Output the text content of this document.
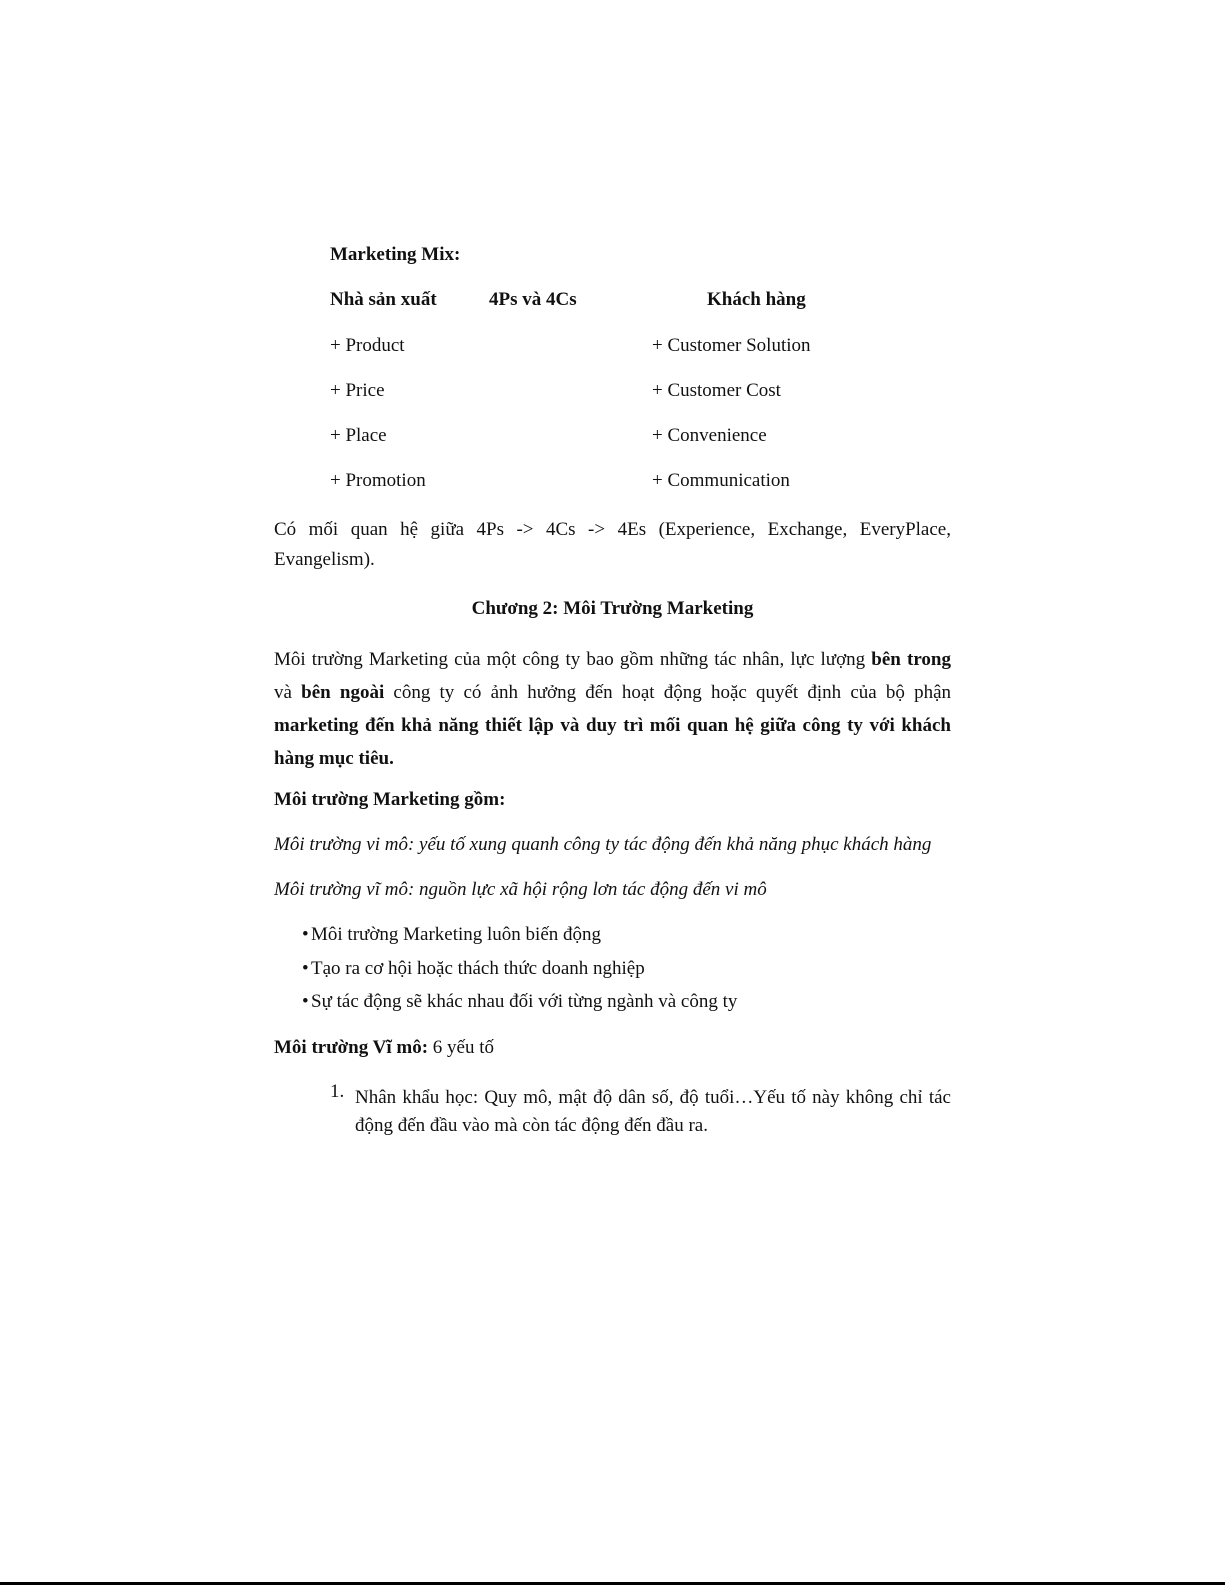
Marketing Mix:
Nhà sản xuất	4Ps và 4Cs	Khách hàng
+ Product	+ Customer Solution
+ Price	+ Customer Cost
+ Place	+ Convenience
+ Promotion	+ Communication
Có mối quan hệ giữa 4Ps -> 4Cs -> 4Es (Experience, Exchange, EveryPlace,
Evangelism).
Chương 2: Môi Trường Marketing
Môi trường Marketing của một công ty bao gồm những tác nhân, lực lượng bên trong và bên ngoài công ty có ảnh hưởng đến hoạt động hoặc quyết định của bộ phận marketing đến khả năng thiết lập và duy trì mối quan hệ giữa công ty với khách hàng mục tiêu.
Môi trường Marketing gồm:
Môi trường vi mô: yếu tố xung quanh công ty tác động đến khả năng phục khách hàng
Môi trường vĩ mô: nguồn lực xã hội rộng lơn tác động đến vi mô
• Môi trường Marketing luôn biến động
• Tạo ra cơ hội hoặc thách thức doanh nghiệp
• Sự tác động sẽ khác nhau đối với từng ngành và công ty
Môi trường Vĩ mô: 6 yếu tố
1. Nhân khẩu học: Quy mô, mật độ dân số, độ tuổi…Yếu tố này không chỉ tác
động đến đầu vào mà còn tác động đến đầu ra.
